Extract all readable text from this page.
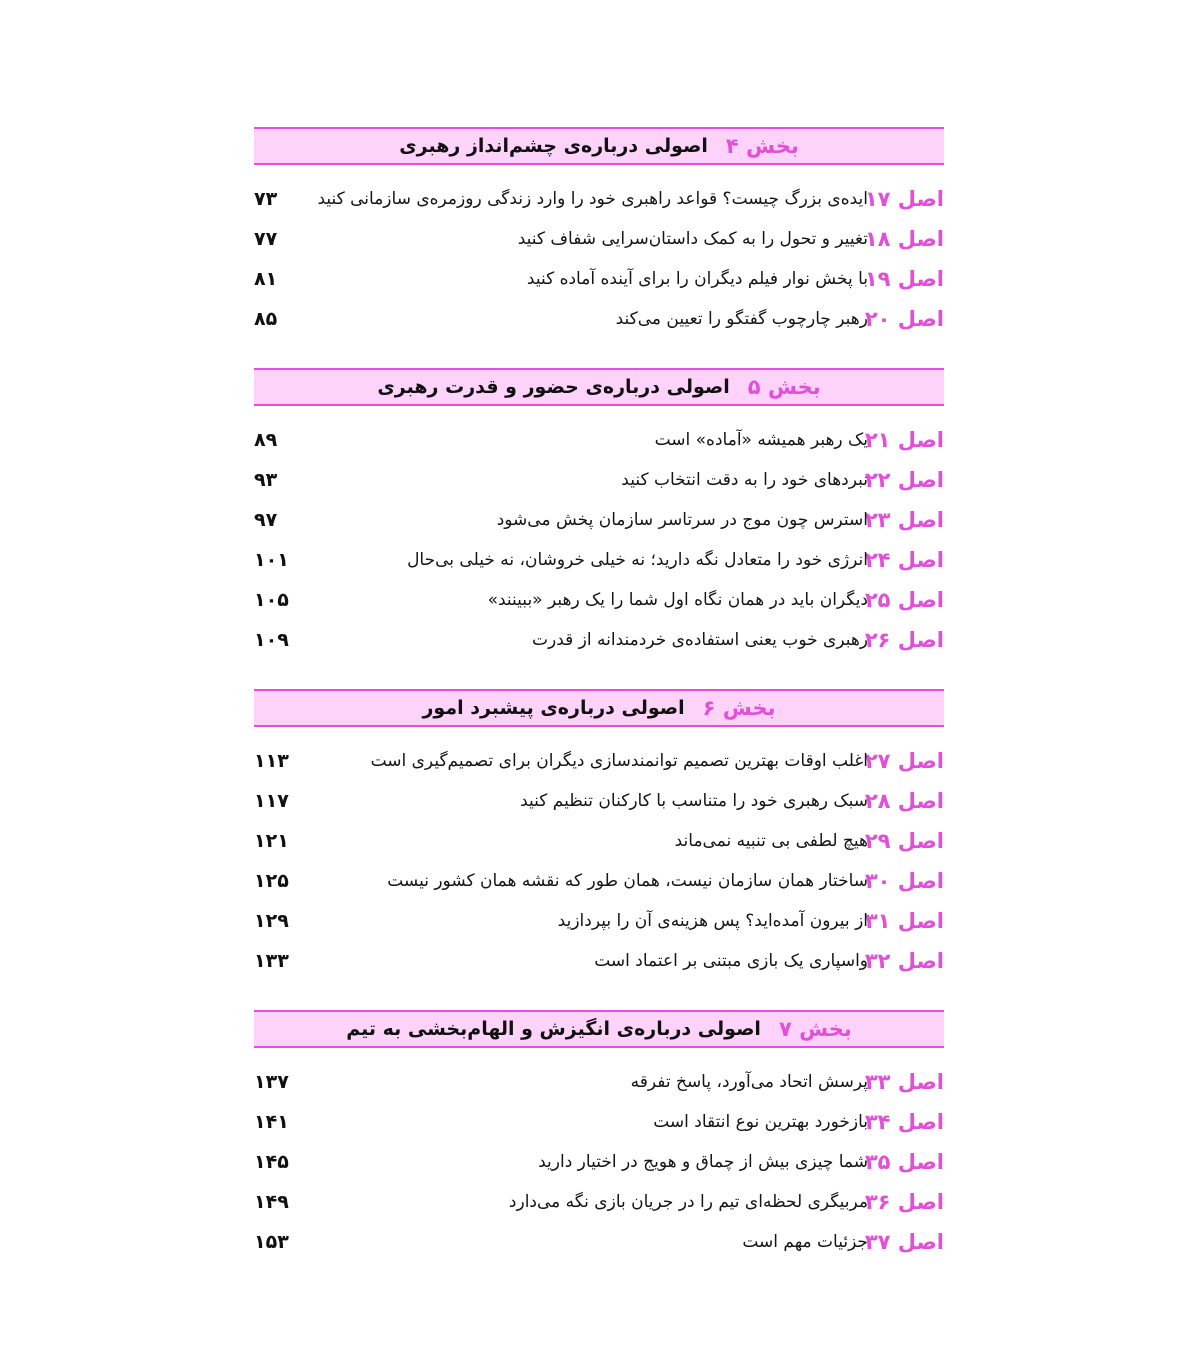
بخش ۴
اصولی درباره‌ی چشم‌انداز رهبری
اصل ۱۷
ایده‌ی بزرگ چیست؟ قواعد راهبری خود را وارد زندگی روزمره‌ی سازمانی کنید
۷۳
اصل ۱۸
تغییر و تحول را به کمک داستان‌سرایی شفاف کنید
۷۷
اصل ۱۹
با پخش نوار فیلم دیگران را برای آینده آماده کنید
۸۱
اصل ۲۰
رهبر چارچوب گفتگو را تعیین می‌کند
۸۵
بخش ۵
اصولی درباره‌ی حضور و قدرت رهبری
اصل ۲۱
یک رهبر همیشه «آماده» است
۸۹
اصل ۲۲
نبردهای خود را به دقت انتخاب کنید
۹۳
اصل ۲۳
استرس چون موج در سرتاسر سازمان پخش می‌شود
۹۷
اصل ۲۴
انرژی خود را متعادل نگه دارید؛ نه خیلی خروشان، نه خیلی بی‌حال
۱۰۱
اصل ۲۵
دیگران باید در همان نگاه اول شما را یک رهبر «ببینند»
۱۰۵
اصل ۲۶
رهبری خوب یعنی استفاده‌ی خردمندانه از قدرت
۱۰۹
بخش ۶
اصولی درباره‌ی پیشبرد امور
اصل ۲۷
اغلب اوقات بهترین تصمیم توانمندسازی دیگران برای تصمیم‌گیری است
۱۱۳
اصل ۲۸
سبک رهبری خود را متناسب با کارکنان تنظیم کنید
۱۱۷
اصل ۲۹
هیچ لطفی بی تنبیه نمی‌ماند
۱۲۱
اصل ۳۰
ساختار همان سازمان نیست، همان طور که نقشه همان کشور نیست
۱۲۵
اصل ۳۱
از بیرون آمده‌اید؟ پس هزینه‌ی آن را بپردازید
۱۲۹
اصل ۳۲
واسپاری یک بازی مبتنی بر اعتماد است
۱۳۳
بخش ۷
اصولی درباره‌ی انگیزش و الهام‌بخشی به تیم
اصل ۳۳
پرسش اتحاد می‌آورد، پاسخ تفرقه
۱۳۷
اصل ۳۴
بازخورد بهترین نوع انتقاد است
۱۴۱
اصل ۳۵
شما چیزی بیش از چماق و هویج در اختیار دارید
۱۴۵
اصل ۳۶
مربیگری لحظه‌ای تیم را در جریان بازی نگه می‌دارد
۱۴۹
اصل ۳۷
جزئیات مهم است
۱۵۳
